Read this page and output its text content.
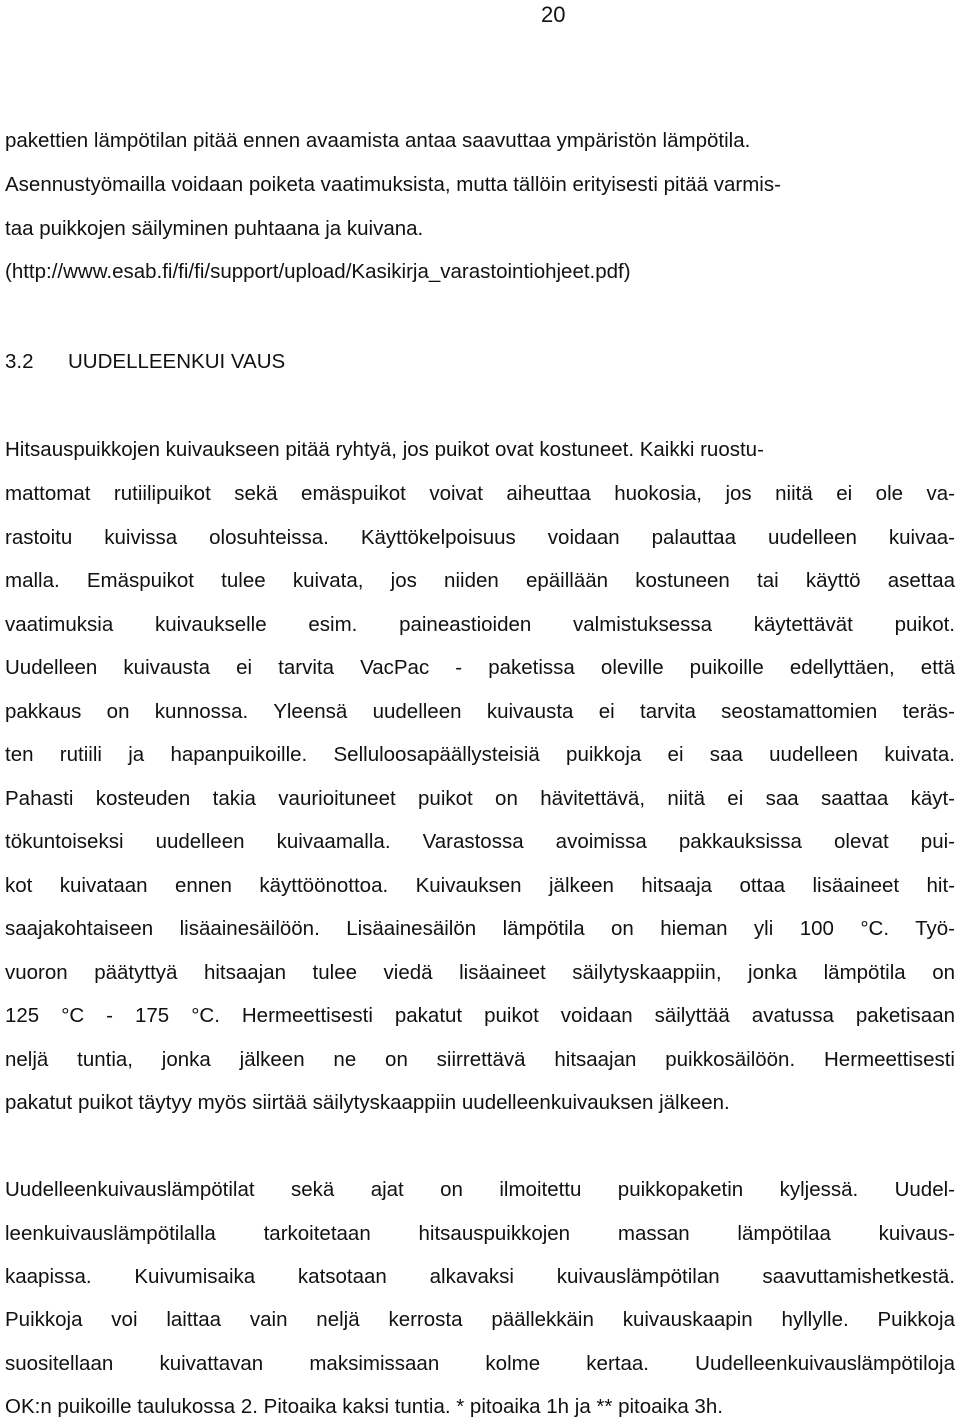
20
pakettien lämpötilan pitää ennen avaamista antaa saavuttaa ympäristön lämpötila.
Asennustyömailla voidaan poiketa vaatimuksista, mutta tällöin erityisesti pitää varmis-
taa puikkojen säilyminen puhtaana ja kuivana.
(http://www.esab.fi/fi/fi/support/upload/Kasikirja_varastointiohjeet.pdf)
3.2 UUDELLEENKUI VAUS
Hitsauspuikkojen kuivaukseen pitää ryhtyä, jos puikot ovat kostuneet. Kaikki ruostu-
mattomat rutiilipuikot sekä emäspuikot voivat aiheuttaa huokosia, jos niitä ei ole va-
rastoitu kuivissa olosuhteissa. Käyttökelpoisuus voidaan palauttaa uudelleen kuivaa-
malla. Emäspuikot tulee kuivata, jos niiden epäillään kostuneen tai käyttö asettaa
vaatimuksia kuivaukselle esim. paineastioiden valmistuksessa käytettävät puikot.
Uudelleen kuivausta ei tarvita VacPac - paketissa oleville puikoille edellyttäen, että
pakkaus on kunnossa. Yleensä uudelleen kuivausta ei tarvita seostamattomien teräs-
ten rutiili ja hapanpuikoille. Selluloosapäällysteisiä puikkoja ei saa uudelleen kuivata.
Pahasti kosteuden takia vaurioituneet puikot on hävitettävä, niitä ei saa saattaa käyt-
tökuntoiseksi uudelleen kuivaamalla. Varastossa avoimissa pakkauksissa olevat pui-
kot kuivataan ennen käyttöönottoa. Kuivauksen jälkeen hitsaaja ottaa lisäaineet hit-
saajakohtaiseen lisäainesäilöön. Lisäainesäilön lämpötila on hieman yli 100 °C. Työ-
vuoron päätyttyä hitsaajan tulee viedä lisäaineet säilytyskaappiin, jonka lämpötila on
125 °C - 175 °C. Hermeettisesti pakatut puikot voidaan säilyttää avatussa paketisaan
neljä tuntia, jonka jälkeen ne on siirrettävä hitsaajan puikkosäilöön. Hermeettisesti
pakatut puikot täytyy myös siirtää säilytyskaappiin uudelleenkuivauksen jälkeen.
Uudelleenkuivauslämpötilat sekä ajat on ilmoitettu puikkopaketin kyljessä. Uudel-
leenkuivauslämpötilalla tarkoitetaan hitsauspuikkojen massan lämpötilaa kuivaus-
kaapissa. Kuivumisaika katsotaan alkavaksi kuivauslämpötilan saavuttamishetkestä.
Puikkoja voi laittaa vain neljä kerrosta päällekkäin kuivauskaapin hyllylle. Puikkoja
suositellaan kuivattavan maksimissaan kolme kertaa. Uudelleenkuivauslämpötiloja
OK:n puikoille taulukossa 2. Pitoaika kaksi tuntia. * pitoaika 1h ja ** pitoaika 3h.
